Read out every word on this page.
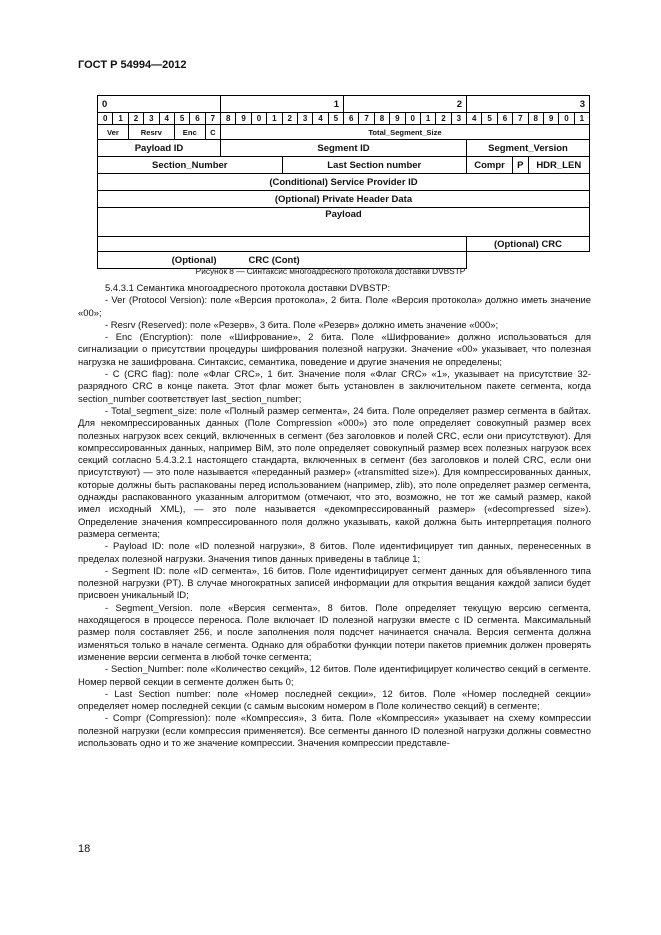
ГОСТ Р 54994—2012
0								1								2								3							
0	1	2	3	4	5	6	7	8	9	0	1	2	3	4	5	6	7	8	9	0	1	2	3	4	5	6	7	8	9	0	1
Ver		Resrv			Enc		C	Total_Segment_Size																							
Payload ID								Segment ID																Segment_Version							
Section_Number												Last Section number												Compr			P	HDR_LEN			
(Conditional) Service Provider ID																															
(Optional) Private Header Data																															
Payload																															

																								(Optional) CRC							
(Optional)								CRC (Cont)																							
Рисунок 8 — Синтаксис многоадресного протокола доставки DVBSTP

5.4.3.1 Семантика многоадресного протокола доставки DVBSTP:

- Ver (Protocol Version): поле «Версия протокола», 2 бита. Поле «Версия протокола» должно иметь значение «00»;

- Resrv (Reserved): поле «Резерв», 3 бита. Поле «Резерв» должно иметь значение «000»;

- Enc (Encryption): поле «Шифрование», 2 бита. Поле «Шифрование» должно использоваться для сигнализации о присутствии процедуры шифрования полезной нагрузки. Значение «00» указывает, что полезная нагрузка не зашифрована. Синтаксис, семантика, поведение и другие значения не определены;

- С (CRC flag): поле «Флаг CRC», 1 бит. Значение поля «Флаг CRC» «1», указывает на присутствие 32-разрядного CRC в конце пакета. Этот флаг может быть установлен в заключительном пакете сегмента, когда section_number соответствует last_section_number;

- Total_segment_size: поле «Полный размер сегмента», 24 бита. Поле определяет размер сегмента в байтах. Для некомпрессированных данных (Поле Compression «000») это поле определяет совокупный размер всех полезных нагрузок всех секций, включенных в сегмент (без заголовков и полей CRC, если они присутствуют). Для компрессированных данных, например BiM, это поле определяет совокупный размер всех полезных нагрузок всех секций согласно 5.4.3.2.1 настоящего стандарта, включенных в сегмент (без заголовков и полей CRC, если они присутствуют) — это поле называется «переданный размер» («transmitted size»). Для компрессированных данных, которые должны быть распакованы перед использованием (например, zlib), это поле определяет размер сегмента, однажды распакованного указанным алгоритмом (отмечают, что это, возможно, не тот же самый размер, какой имел исходный XML), — это поле называется «декомпрессированный размер» («decompressed size»). Определение значения компрессированного поля должно указывать, какой должна быть интерпретация полного размера сегмента;

- Payload ID: поле «ID полезной нагрузки», 8 битов. Поле идентифицирует тип данных, перенесенных в пределах полезной нагрузки. Значения типов данных приведены в таблице 1;

- Segment ID: поле «ID сегмента», 16 битов. Поле идентифицирует сегмент данных для объявленного типа полезной нагрузки (PT). В случае многократных записей информации для открытия вещания каждой записи будет присвоен уникальный ID;

- Segment_Version. поле «Версия сегмента», 8 битов. Поле определяет текущую версию сегмента, находящегося в процессе переноса. Поле включает ID полезной нагрузки вместе с ID сегмента. Максимальный размер поля составляет 256, и после заполнения поля подсчет начинается сначала. Версия сегмента должна изменяться только в начале сегмента. Однако для обработки функции потери пакетов приемник должен проверять изменение версии сегмента в любой точке сегмента;

- Section_Number: поле «Количество секций», 12 битов. Поле идентифицирует количество секций в сегменте. Номер первой секции в сегменте должен быть 0;

- Last Section number: поле «Номер последней секции», 12 битов. Поле «Номер последней секции» определяет номер последней секции (с самым высоким номером в Поле количество секций) в сегменте;

- Compr (Compression): поле «Компрессия», 3 бита. Поле «Компрессия» указывает на схему компрессии полезной нагрузки (если компрессия применяется). Все сегменты данного ID полезной нагрузки должны совместно использовать одно и то же значение компрессии. Значения компрессии представле-

18
